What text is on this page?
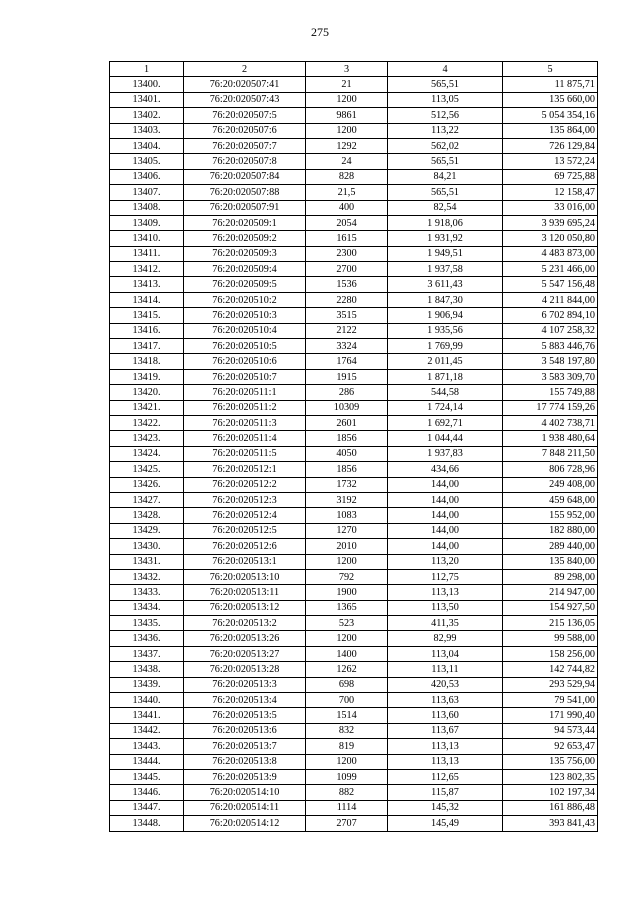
275
1	2	3	4	5
13400.	76:20:020507:41	21	565,51	11 875,71
13401.	76:20:020507:43	1200	113,05	135 660,00
13402.	76:20:020507:5	9861	512,56	5 054 354,16
13403.	76:20:020507:6	1200	113,22	135 864,00
13404.	76:20:020507:7	1292	562,02	726 129,84
13405.	76:20:020507:8	24	565,51	13 572,24
13406.	76:20:020507:84	828	84,21	69 725,88
13407.	76:20:020507:88	21,5	565,51	12 158,47
13408.	76:20:020507:91	400	82,54	33 016,00
13409.	76:20:020509:1	2054	1 918,06	3 939 695,24
13410.	76:20:020509:2	1615	1 931,92	3 120 050,80
13411.	76:20:020509:3	2300	1 949,51	4 483 873,00
13412.	76:20:020509:4	2700	1 937,58	5 231 466,00
13413.	76:20:020509:5	1536	3 611,43	5 547 156,48
13414.	76:20:020510:2	2280	1 847,30	4 211 844,00
13415.	76:20:020510:3	3515	1 906,94	6 702 894,10
13416.	76:20:020510:4	2122	1 935,56	4 107 258,32
13417.	76:20:020510:5	3324	1 769,99	5 883 446,76
13418.	76:20:020510:6	1764	2 011,45	3 548 197,80
13419.	76:20:020510:7	1915	1 871,18	3 583 309,70
13420.	76:20:020511:1	286	544,58	155 749,88
13421.	76:20:020511:2	10309	1 724,14	17 774 159,26
13422.	76:20:020511:3	2601	1 692,71	4 402 738,71
13423.	76:20:020511:4	1856	1 044,44	1 938 480,64
13424.	76:20:020511:5	4050	1 937,83	7 848 211,50
13425.	76:20:020512:1	1856	434,66	806 728,96
13426.	76:20:020512:2	1732	144,00	249 408,00
13427.	76:20:020512:3	3192	144,00	459 648,00
13428.	76:20:020512:4	1083	144,00	155 952,00
13429.	76:20:020512:5	1270	144,00	182 880,00
13430.	76:20:020512:6	2010	144,00	289 440,00
13431.	76:20:020513:1	1200	113,20	135 840,00
13432.	76:20:020513:10	792	112,75	89 298,00
13433.	76:20:020513:11	1900	113,13	214 947,00
13434.	76:20:020513:12	1365	113,50	154 927,50
13435.	76:20:020513:2	523	411,35	215 136,05
13436.	76:20:020513:26	1200	82,99	99 588,00
13437.	76:20:020513:27	1400	113,04	158 256,00
13438.	76:20:020513:28	1262	113,11	142 744,82
13439.	76:20:020513:3	698	420,53	293 529,94
13440.	76:20:020513:4	700	113,63	79 541,00
13441.	76:20:020513:5	1514	113,60	171 990,40
13442.	76:20:020513:6	832	113,67	94 573,44
13443.	76:20:020513:7	819	113,13	92 653,47
13444.	76:20:020513:8	1200	113,13	135 756,00
13445.	76:20:020513:9	1099	112,65	123 802,35
13446.	76:20:020514:10	882	115,87	102 197,34
13447.	76:20:020514:11	1114	145,32	161 886,48
13448.	76:20:020514:12	2707	145,49	393 841,43
